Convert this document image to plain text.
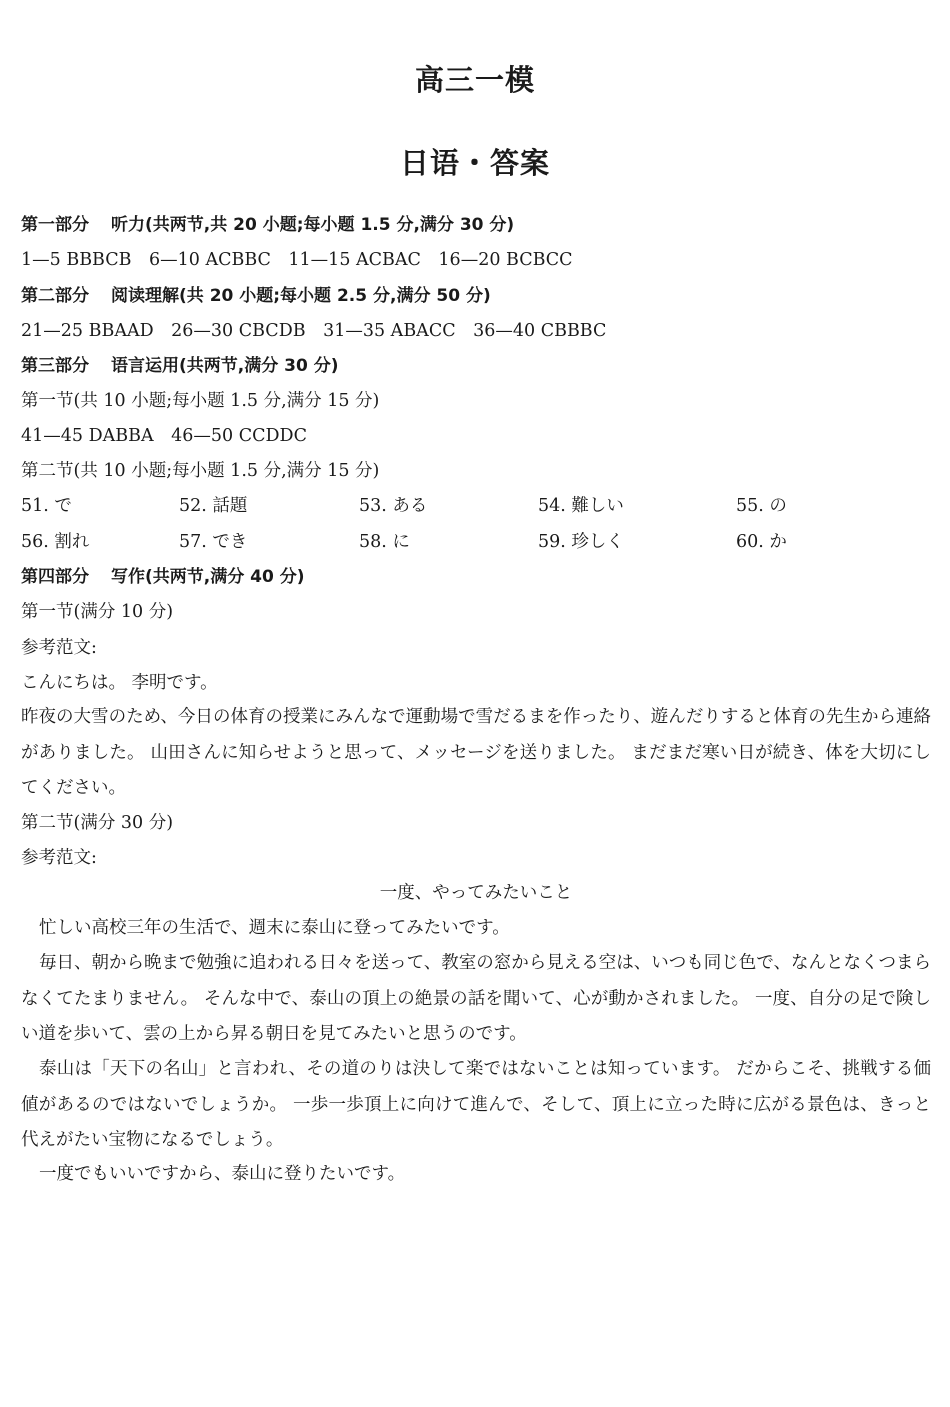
高三一模
日语・答案
第一部分 听力(共两节,共 20 小题;每小题 1.5 分,满分 30 分)
1—5 BBBCB　6—10 ACBBC　11—15 ACBAC　16—20 BCBCC
第二部分 阅读理解(共 20 小题;每小题 2.5 分,满分 50 分)
21—25 BBAAD　26—30 CBCDB　31—35 ABACC　36—40 CBBBC
第三部分 语言运用(共两节,满分 30 分)
第一节(共 10 小题;每小题 1.5 分,满分 15 分)
41—45 DABBA　46—50 CCDDC
第二节(共 10 小题;每小题 1.5 分,满分 15 分)
51. で	52. 話題	53. ある	54. 難しい	55. の
56. 割れ	57. でき	58. に	59. 珍しく	60. か
第四部分 写作(共两节,满分 40 分)
第一节(满分 10 分)
参考范文:
こんにちは。 李明です。
昨夜の大雪のため、今日の体育の授業にみんなで運動場で雪だるまを作ったり、遊んだりすると体育の先生から連絡がありました。 山田さんに知らせようと思って、メッセージを送りました。 まだまだ寒い日が続き、体を大切にしてください。
第二节(满分 30 分)
参考范文:
一度、やってみたいこと
忙しい高校三年の生活で、週末に泰山に登ってみたいです。
毎日、朝から晩まで勉強に追われる日々を送って、教室の窓から見える空は、いつも同じ色で、なんとなくつまらなくてたまりません。 そんな中で、泰山の頂上の絶景の話を聞いて、心が動かされました。 一度、自分の足で険しい道を歩いて、雲の上から昇る朝日を見てみたいと思うのです。
泰山は「天下の名山」と言われ、その道のりは決して楽ではないことは知っています。 だからこそ、挑戦する価値があるのではないでしょうか。 一歩一歩頂上に向けて進んで、そして、頂上に立った時に広がる景色は、きっと代えがたい宝物になるでしょう。
一度でもいいですから、泰山に登りたいです。
